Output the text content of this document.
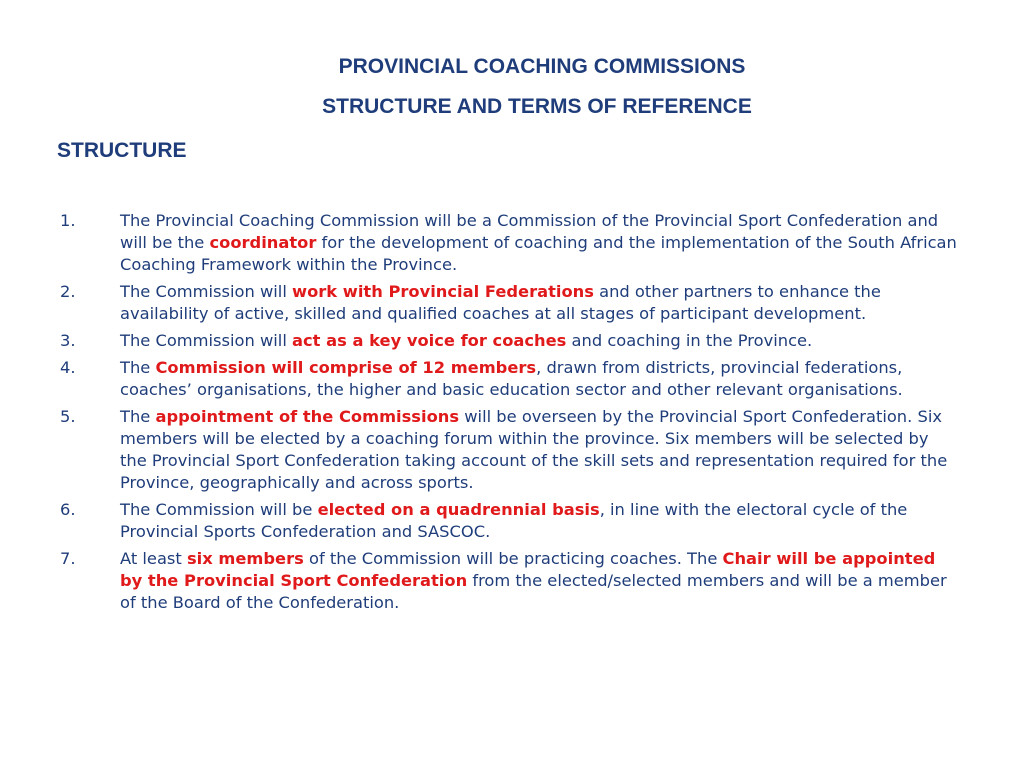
PROVINCIAL COACHING COMMISSIONS
STRUCTURE AND TERMS OF REFERENCE
STRUCTURE
1.	The Provincial Coaching Commission will be a Commission of the Provincial Sport Confederation and will be the coordinator for the development of coaching and the implementation of the South African Coaching Framework within the Province.
2.	The Commission will work with Provincial Federations and other partners to enhance the availability of active, skilled and qualified coaches at all stages of participant development.
3.	The Commission will act as a key voice for coaches and coaching in the Province.
4.	The Commission will comprise of 12 members, drawn from districts, provincial federations, coaches’ organisations, the higher and basic education sector and other relevant organisations.
5.	The appointment of the Commissions will be overseen by the Provincial Sport Confederation. Six members will be elected by a coaching forum within the province. Six members will be selected by the Provincial Sport Confederation taking account of the skill sets and representation required for the Province, geographically and across sports.
6.	The Commission will be elected on a quadrennial basis, in line with the electoral cycle of the Provincial Sports Confederation and SASCOC.
7.	At least six members of the Commission will be practicing coaches. The Chair will be appointed by the Provincial Sport Confederation from the elected/selected members and will be a member of the Board of the Confederation.
